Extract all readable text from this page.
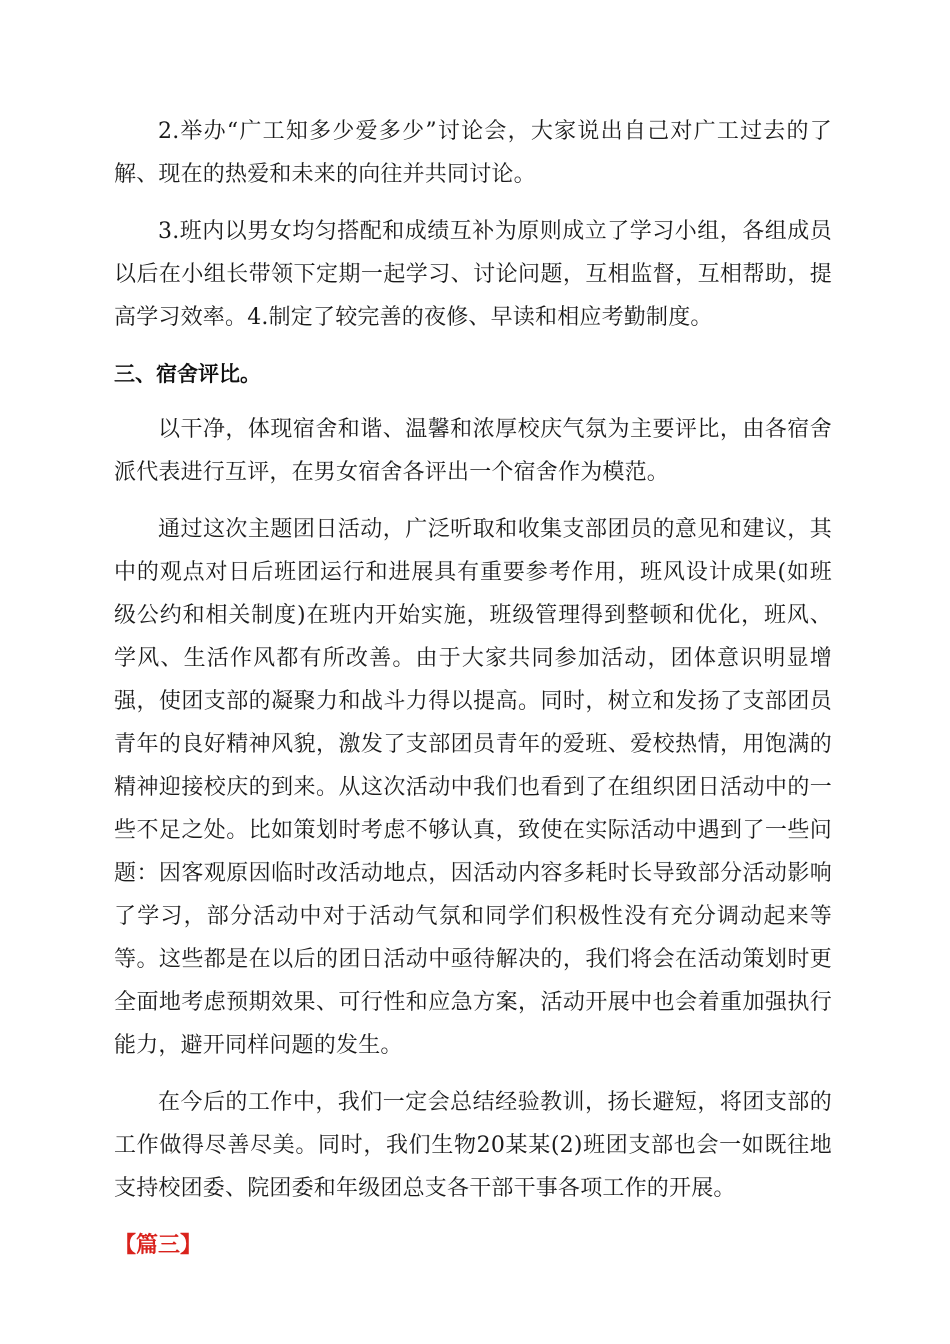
2.举办“广工知多少爱多少”讨论会，大家说出自己对广工过去的了解、现在的热爱和未来的向往并共同讨论。

3.班内以男女均匀搭配和成绩互补为原则成立了学习小组，各组成员以后在小组长带领下定期一起学习、讨论问题，互相监督，互相帮助，提高学习效率。4.制定了较完善的夜修、早读和相应考勤制度。

三、宿舍评比。

以干净，体现宿舍和谐、温馨和浓厚校庆气氛为主要评比，由各宿舍派代表进行互评，在男女宿舍各评出一个宿舍作为模范。

通过这次主题团日活动，广泛听取和收集支部团员的意见和建议，其中的观点对日后班团运行和进展具有重要参考作用，班风设计成果(如班级公约和相关制度)在班内开始实施，班级管理得到整顿和优化，班风、学风、生活作风都有所改善。由于大家共同参加活动，团体意识明显增强，使团支部的凝聚力和战斗力得以提高。同时，树立和发扬了支部团员青年的良好精神风貌，激发了支部团员青年的爱班、爱校热情，用饱满的精神迎接校庆的到来。从这次活动中我们也看到了在组织团日活动中的一些不足之处。比如策划时考虑不够认真，致使在实际活动中遇到了一些问题：因客观原因临时改活动地点，因活动内容多耗时长导致部分活动影响了学习，部分活动中对于活动气氛和同学们积极性没有充分调动起来等等。这些都是在以后的团日活动中亟待解决的，我们将会在活动策划时更全面地考虑预期效果、可行性和应急方案，活动开展中也会着重加强执行能力，避开同样问题的发生。

在今后的工作中，我们一定会总结经验教训，扬长避短，将团支部的工作做得尽善尽美。同时，我们生物20某某(2)班团支部也会一如既往地支持校团委、院团委和年级团总支各干部干事各项工作的开展。

【篇三】
